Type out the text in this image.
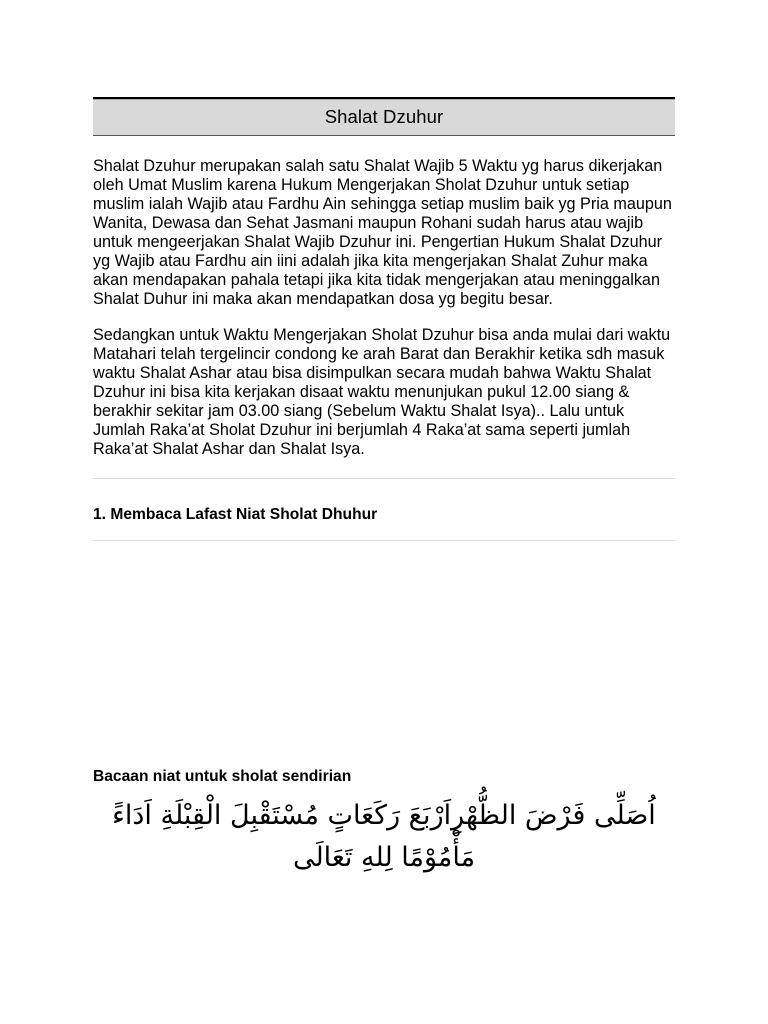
Shalat Dzuhur

Shalat Dzuhur merupakan salah satu Shalat Wajib 5 Waktu yg harus dikerjakan oleh Umat Muslim karena Hukum Mengerjakan Sholat Dzuhur untuk setiap muslim ialah Wajib atau Fardhu Ain sehingga setiap muslim baik yg Pria maupun Wanita, Dewasa dan Sehat Jasmani maupun Rohani sudah harus atau wajib untuk mengeerjakan Shalat Wajib Dzuhur ini. Pengertian Hukum Shalat Dzuhur yg Wajib atau Fardhu ain iini adalah jika kita mengerjakan Shalat Zuhur maka akan mendapakan pahala tetapi jika kita tidak mengerjakan atau meninggalkan Shalat Duhur ini maka akan mendapatkan dosa yg begitu besar.

Sedangkan untuk Waktu Mengerjakan Sholat Dzuhur bisa anda mulai dari waktu Matahari telah tergelincir condong ke arah Barat dan Berakhir ketika sdh masuk waktu Shalat Ashar atau bisa disimpulkan secara mudah bahwa Waktu Shalat Dzuhur ini bisa kita kerjakan disaat waktu menunjukan pukul 12.00 siang & berakhir sekitar jam 03.00 siang (Sebelum Waktu Shalat Isya).. Lalu untuk Jumlah Raka’at Sholat Dzuhur ini berjumlah 4 Raka’at sama seperti jumlah Raka’at Shalat Ashar dan Shalat Isya.

1. Membaca Lafast Niat Sholat Dhuhur

Bacaan niat untuk sholat sendirian

اُصَلِّى فَرْضَ الظُّهْرِاَرْبَعَ رَكَعَاتٍ مُسْتَقْبِلَ الْقِبْلَةِ اَدَاءً مَأْمُوْمًا لِلهِ تَعَالَى
